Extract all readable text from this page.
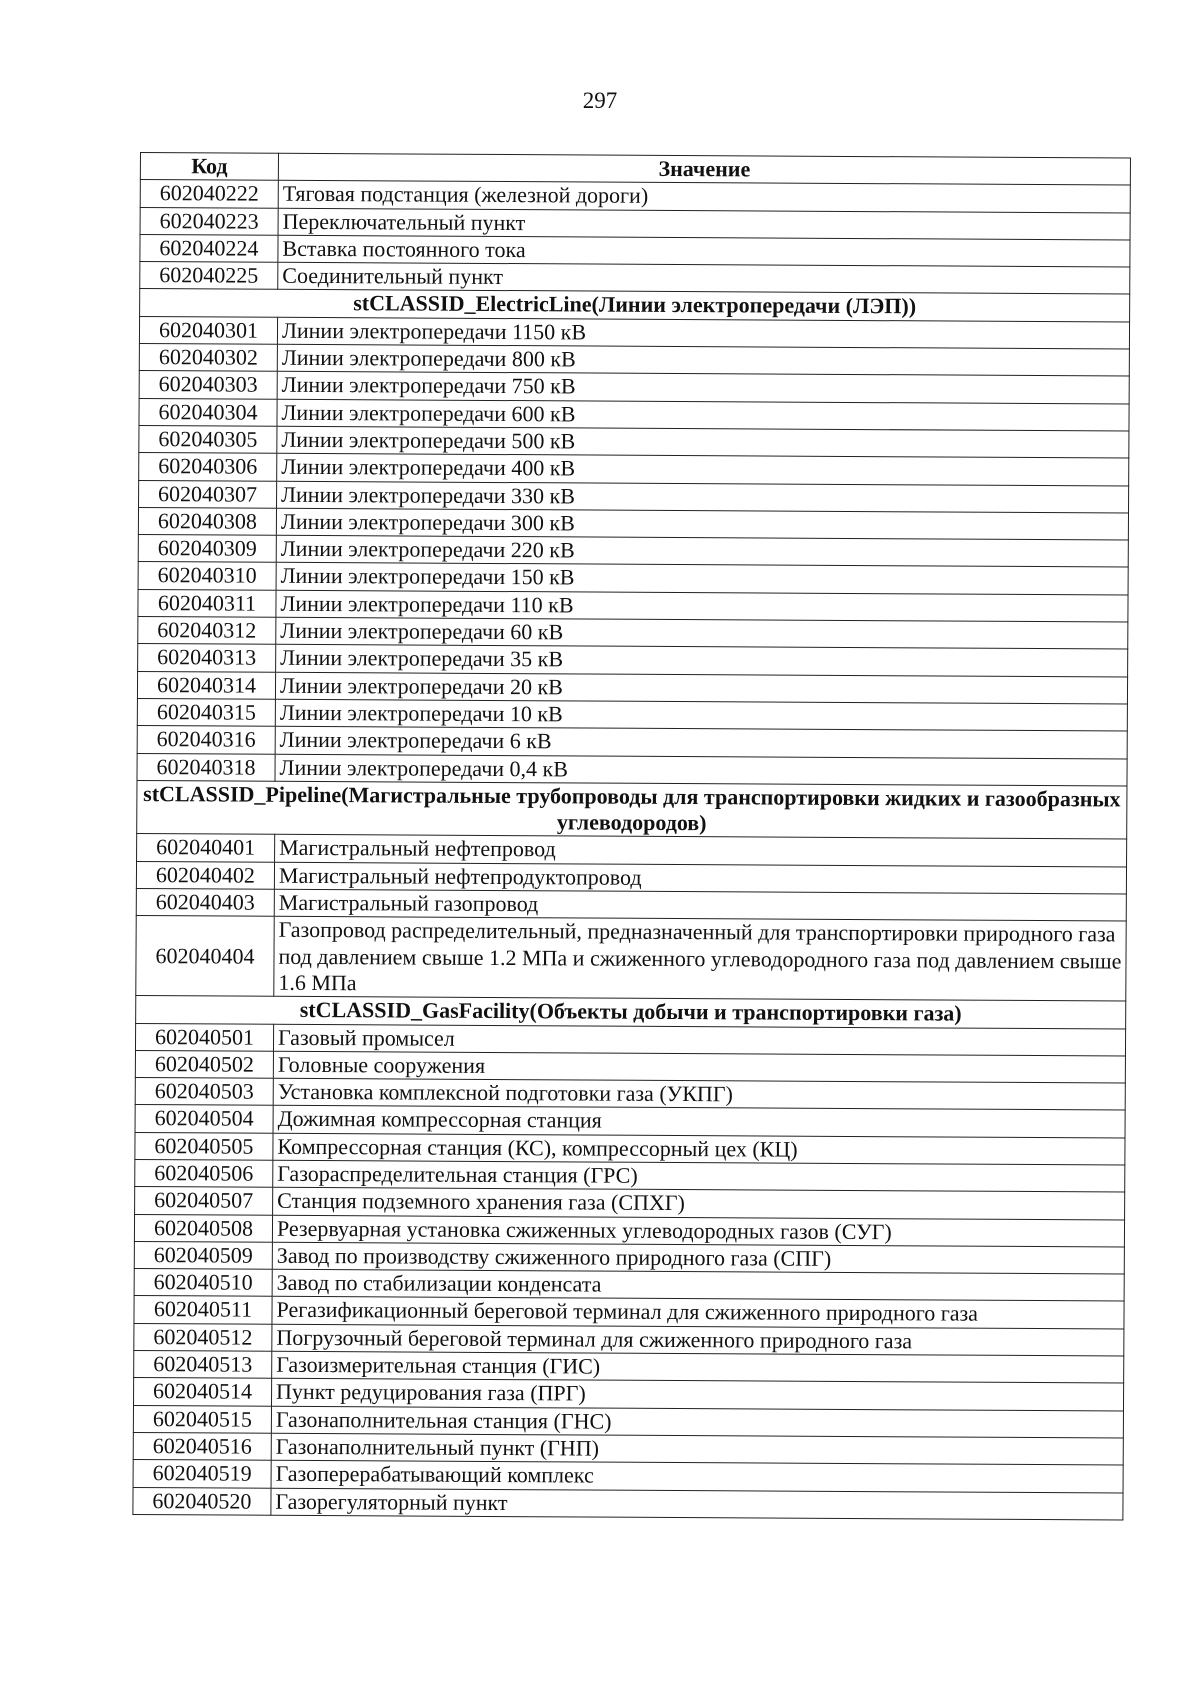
297
Код	Значение
602040222	Тяговая подстанция (железной дороги)
602040223	Переключательный пункт
602040224	Вставка постоянного тока
602040225	Соединительный пункт
stCLASSID_ElectricLine(Линии электропередачи (ЛЭП))	
602040301	Линии электропередачи 1150 кВ
602040302	Линии электропередачи 800 кВ
602040303	Линии электропередачи 750 кВ
602040304	Линии электропередачи 600 кВ
602040305	Линии электропередачи 500 кВ
602040306	Линии электропередачи 400 кВ
602040307	Линии электропередачи 330 кВ
602040308	Линии электропередачи 300 кВ
602040309	Линии электропередачи 220 кВ
602040310	Линии электропередачи 150 кВ
602040311	Линии электропередачи 110 кВ
602040312	Линии электропередачи 60 кВ
602040313	Линии электропередачи 35 кВ
602040314	Линии электропередачи 20 кВ
602040315	Линии электропередачи 10 кВ
602040316	Линии электропередачи 6 кВ
602040318	Линии электропередачи 0,4 кВ
stCLASSID_Pipeline(Магистральные трубопроводы для транспортировки жидких и газообразных углеводородов)	
602040401	Магистральный нефтепровод
602040402	Магистральный нефтепродуктопровод
602040403	Магистральный газопровод
602040404	Газопровод распределительный, предназначенный для транспортировки природного газа под давлением свыше 1.2 МПа и сжиженного углеводородного газа под давлением свыше 1.6 МПа
stCLASSID_GasFacility(Объекты добычи и транспортировки газа)	
602040501	Газовый промысел
602040502	Головные сооружения
602040503	Установка комплексной подготовки газа (УКПГ)
602040504	Дожимная компрессорная станция
602040505	Компрессорная станция (КС), компрессорный цех (КЦ)
602040506	Газораспределительная станция (ГРС)
602040507	Станция подземного хранения газа (СПХГ)
602040508	Резервуарная установка сжиженных углеводородных газов (СУГ)
602040509	Завод по производству сжиженного природного газа (СПГ)
602040510	Завод по стабилизации конденсата
602040511	Регазификационный береговой терминал для сжиженного природного газа
602040512	Погрузочный береговой терминал для сжиженного природного газа
602040513	Газоизмерительная станция (ГИС)
602040514	Пункт редуцирования газа (ПРГ)
602040515	Газонаполнительная станция (ГНС)
602040516	Газонаполнительный пункт (ГНП)
602040519	Газоперерабатывающий комплекс
602040520	Газорегуляторный пункт
